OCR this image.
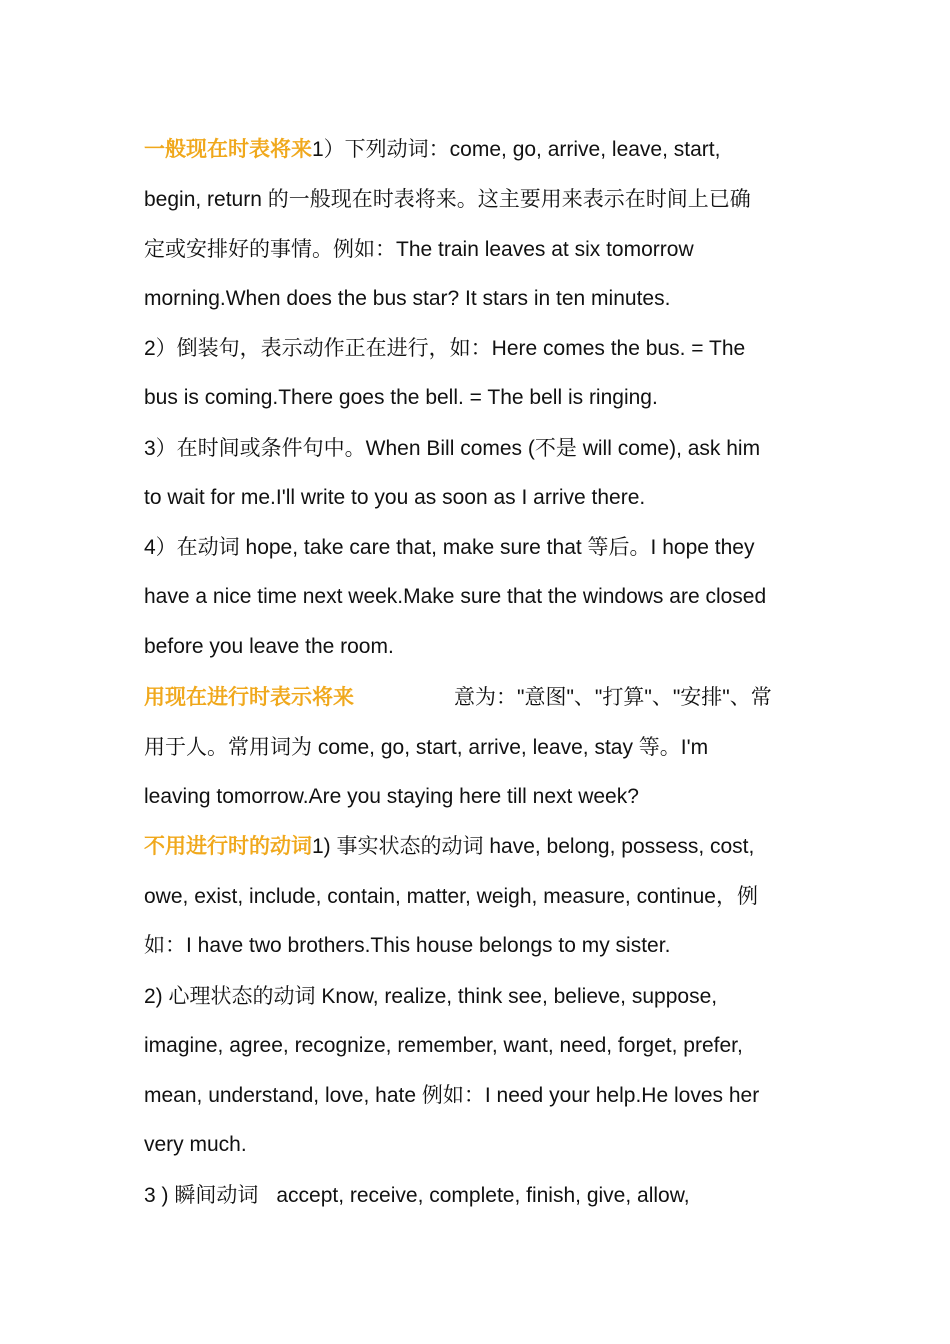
一般现在时表将来1）下列动词：come, go, arrive, leave, start,
begin, return 的一般现在时表将来。这主要用来表示在时间上已确
定或安排好的事情。例如：The train leaves at six tomorrow
morning.When does the bus star? It stars in ten minutes.
2）倒装句，表示动作正在进行，如：Here comes the bus. = The
bus is coming.There goes the bell. = The bell is ringing.
3）在时间或条件句中。When Bill comes (不是 will come), ask him
to wait for me.I'll write to you as soon as I arrive there.
4）在动词 hope, take care that, make sure that 等后。I hope they
have a nice time next week.Make sure that the windows are closed
before you leave the room.
用现在进行时表示将来	意为："意图"、"打算"、"安排"、常
用于人。常用词为 come, go, start, arrive, leave, stay 等。I'm
leaving tomorrow.Are you staying here till next week?
不用进行时的动词1) 事实状态的动词 have, belong, possess, cost,
owe, exist, include, contain, matter, weigh, measure, continue，例
如：I have two brothers.This house belongs to my sister.
2) 心理状态的动词 Know, realize, think see, believe, suppose,
imagine, agree, recognize, remember, want, need, forget, prefer,
mean, understand, love, hate 例如：I need your help.He loves her
very much.
3 ) 瞬间动词 accept, receive, complete, finish, give, allow,
